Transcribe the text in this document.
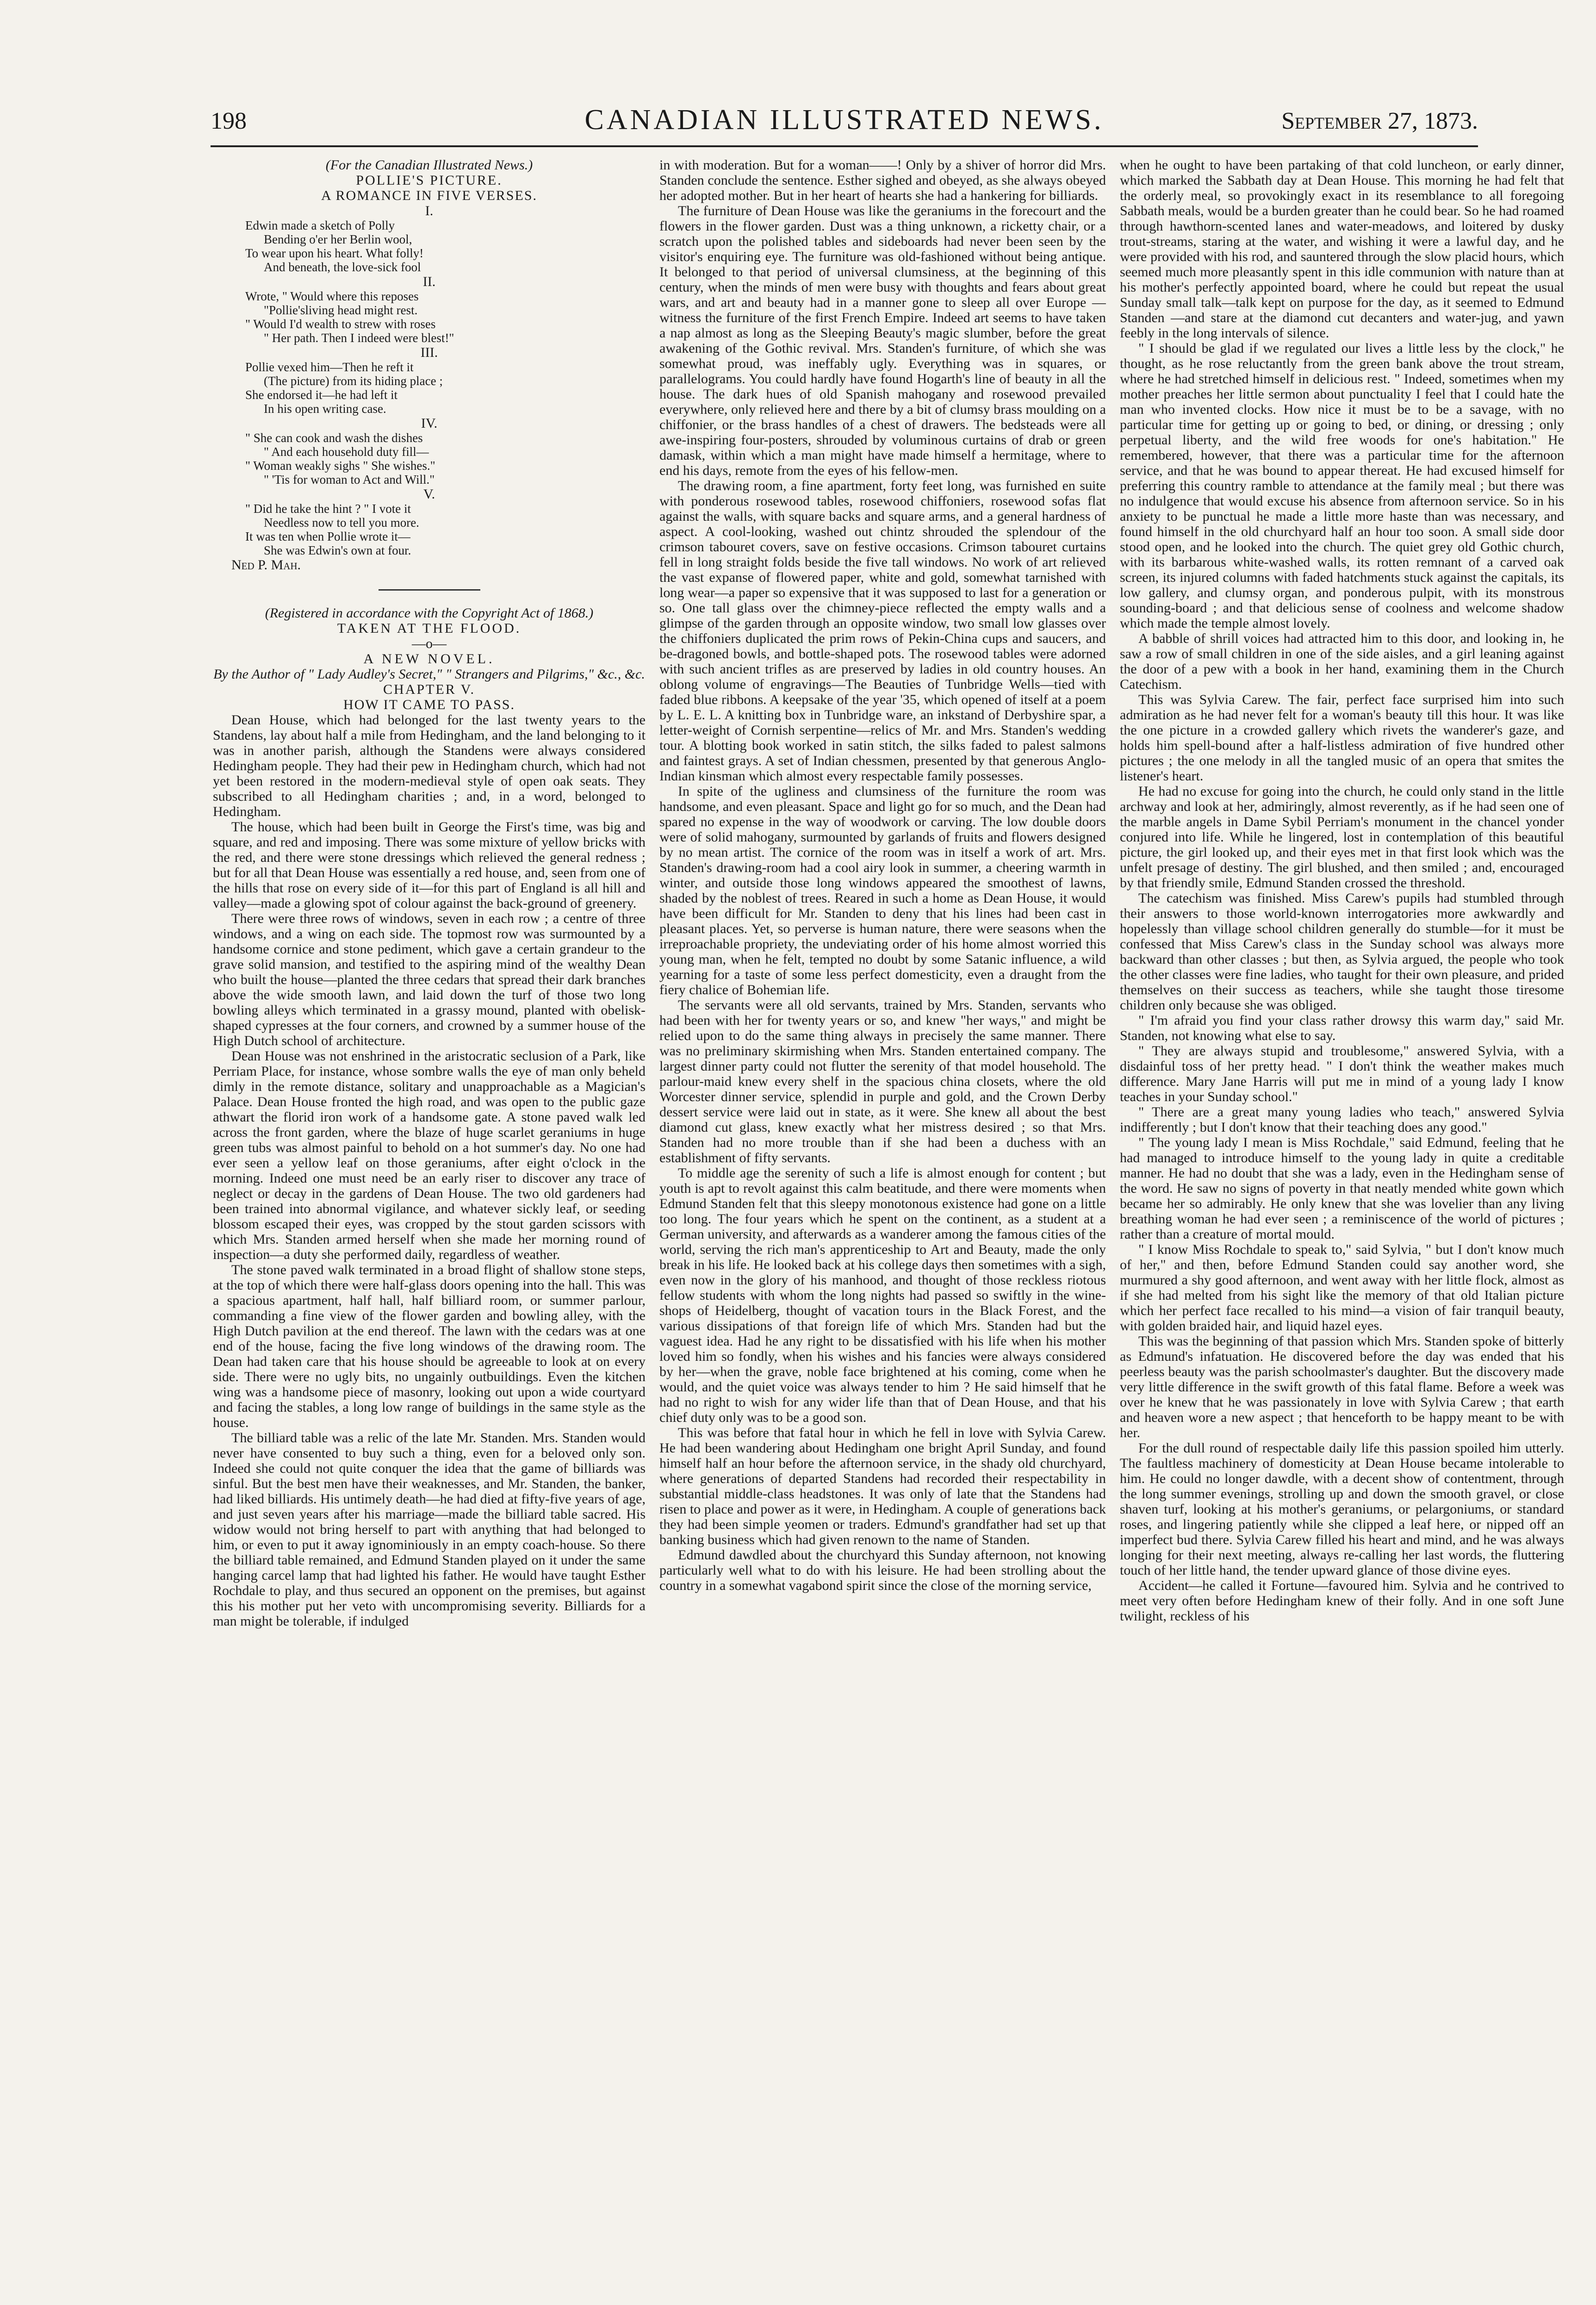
198	CANADIAN ILLUSTRATED NEWS.	September 27, 1873.

(For the Canadian Illustrated News.)

POLLIE'S PICTURE.

A ROMANCE IN FIVE VERSES.

I.

Edwin made a sketch of Polly
Bending o'er her Berlin wool,
To wear upon his heart. What folly!
And beneath, the love-sick fool

II.

Wrote, " Would where this reposes
"Pollie'sliving head might rest.
" Would I'd wealth to strew with roses
" Her path. Then I indeed were blest!"

III.

Pollie vexed him—Then he reft it
(The picture) from its hiding place ;
She endorsed it—he had left it
In his open writing case.

IV.

" She can cook and wash the dishes
" And each household duty fill—
" Woman weakly sighs " She wishes."
" 'Tis for woman to Act and Will."

V.

" Did he take the hint ? " I vote it
Needless now to tell you more.
It was ten when Pollie wrote it—
She was Edwin's own at four.

Ned P. Mah.

(Registered in accordance with the Copyright Act of 1868.)

TAKEN AT THE FLOOD.

—o—

A NEW NOVEL.

By the Author of " Lady Audley's Secret," " Strangers and Pilgrims," &c., &c.

CHAPTER V.

HOW IT CAME TO PASS.

Dean House, which had belonged for the last twenty years to the Standens, lay about half a mile from Hedingham, and the land belonging to it was in another parish, although the Standens were always considered Hedingham people. They had their pew in Hedingham church, which had not yet been restored in the modern-medieval style of open oak seats. They subscribed to all Hedingham charities ; and, in a word, belonged to Hedingham.

The house, which had been built in George the First's time, was big and square, and red and imposing. There was some mixture of yellow bricks with the red, and there were stone dressings which relieved the general redness ; but for all that Dean House was essentially a red house, and, seen from one of the hills that rose on every side of it—for this part of England is all hill and valley—made a glowing spot of colour against the back-ground of greenery.

There were three rows of windows, seven in each row ; a centre of three windows, and a wing on each side. The topmost row was surmounted by a handsome cornice and stone pediment, which gave a certain grandeur to the grave solid mansion, and testified to the aspiring mind of the wealthy Dean who built the house—planted the three cedars that spread their dark branches above the wide smooth lawn, and laid down the turf of those two long bowling alleys which terminated in a grassy mound, planted with obelisk-shaped cypresses at the four corners, and crowned by a summer house of the High Dutch school of architecture.

Dean House was not enshrined in the aristocratic seclusion of a Park, like Perriam Place, for instance, whose sombre walls the eye of man only beheld dimly in the remote distance, solitary and unapproachable as a Magician's Palace. Dean House fronted the high road, and was open to the public gaze athwart the florid iron work of a handsome gate. A stone paved walk led across the front garden, where the blaze of huge scarlet geraniums in huge green tubs was almost painful to behold on a hot summer's day. No one had ever seen a yellow leaf on those geraniums, after eight o'clock in the morning. Indeed one must need be an early riser to discover any trace of neglect or decay in the gardens of Dean House. The two old gardeners had been trained into abnormal vigilance, and whatever sickly leaf, or seeding blossom escaped their eyes, was cropped by the stout garden scissors with which Mrs. Standen armed herself when she made her morning round of inspection—a duty she performed daily, regardless of weather.

The stone paved walk terminated in a broad flight of shallow stone steps, at the top of which there were half-glass doors opening into the hall. This was a spacious apartment, half hall, half billiard room, or summer parlour, commanding a fine view of the flower garden and bowling alley, with the High Dutch pavilion at the end thereof. The lawn with the cedars was at one end of the house, facing the five long windows of the drawing room. The Dean had taken care that his house should be agreeable to look at on every side. There were no ugly bits, no ungainly outbuildings. Even the kitchen wing was a handsome piece of masonry, looking out upon a wide courtyard and facing the stables, a long low range of buildings in the same style as the house.

The billiard table was a relic of the late Mr. Standen. Mrs. Standen would never have consented to buy such a thing, even for a beloved only son. Indeed she could not quite conquer the idea that the game of billiards was sinful. But the best men have their weaknesses, and Mr. Standen, the banker, had liked billiards. His untimely death—he had died at fifty-five years of age, and just seven years after his marriage—made the billiard table sacred. His widow would not bring herself to part with anything that had belonged to him, or even to put it away ignominiously in an empty coach-house. So there the billiard table remained, and Edmund Standen played on it under the same hanging carcel lamp that had lighted his father. He would have taught Esther Rochdale to play, and thus secured an opponent on the premises, but against this his mother put her veto with uncompromising severity. Billiards for a man might be tolerable, if indulged

in with moderation. But for a woman——! Only by a shiver of horror did Mrs. Standen conclude the sentence. Esther sighed and obeyed, as she always obeyed her adopted mother. But in her heart of hearts she had a hankering for billiards.

The furniture of Dean House was like the geraniums in the forecourt and the flowers in the flower garden. Dust was a thing unknown, a ricketty chair, or a scratch upon the polished tables and sideboards had never been seen by the visitor's enquiring eye. The furniture was old-fashioned without being antique. It belonged to that period of universal clumsiness, at the beginning of this century, when the minds of men were busy with thoughts and fears about great wars, and art and beauty had in a manner gone to sleep all over Europe —witness the furniture of the first French Empire. Indeed art seems to have taken a nap almost as long as the Sleeping Beauty's magic slumber, before the great awakening of the Gothic revival. Mrs. Standen's furniture, of which she was somewhat proud, was ineffably ugly. Everything was in squares, or parallelograms. You could hardly have found Hogarth's line of beauty in all the house. The dark hues of old Spanish mahogany and rosewood prevailed everywhere, only relieved here and there by a bit of clumsy brass moulding on a chiffonier, or the brass handles of a chest of drawers. The bedsteads were all awe-inspiring four-posters, shrouded by voluminous curtains of drab or green damask, within which a man might have made himself a hermitage, where to end his days, remote from the eyes of his fellow-men.

The drawing room, a fine apartment, forty feet long, was furnished en suite with ponderous rosewood tables, rosewood chiffoniers, rosewood sofas flat against the walls, with square backs and square arms, and a general hardness of aspect. A cool-looking, washed out chintz shrouded the splendour of the crimson tabouret covers, save on festive occasions. Crimson tabouret curtains fell in long straight folds beside the five tall windows. No work of art relieved the vast expanse of flowered paper, white and gold, somewhat tarnished with long wear—a paper so expensive that it was supposed to last for a generation or so. One tall glass over the chimney-piece reflected the empty walls and a glimpse of the garden through an opposite window, two small low glasses over the chiffoniers duplicated the prim rows of Pekin-China cups and saucers, and be-dragoned bowls, and bottle-shaped pots. The rosewood tables were adorned with such ancient trifles as are preserved by ladies in old country houses. An oblong volume of engravings—The Beauties of Tunbridge Wells—tied with faded blue ribbons. A keepsake of the year '35, which opened of itself at a poem by L. E. L. A knitting box in Tunbridge ware, an inkstand of Derbyshire spar, a letter-weight of Cornish serpentine—relics of Mr. and Mrs. Standen's wedding tour. A blotting book worked in satin stitch, the silks faded to palest salmons and faintest grays. A set of Indian chessmen, presented by that generous Anglo-Indian kinsman which almost every respectable family possesses.

In spite of the ugliness and clumsiness of the furniture the room was handsome, and even pleasant. Space and light go for so much, and the Dean had spared no expense in the way of woodwork or carving. The low double doors were of solid mahogany, surmounted by garlands of fruits and flowers designed by no mean artist. The cornice of the room was in itself a work of art. Mrs. Standen's drawing-room had a cool airy look in summer, a cheering warmth in winter, and outside those long windows appeared the smoothest of lawns, shaded by the noblest of trees. Reared in such a home as Dean House, it would have been difficult for Mr. Standen to deny that his lines had been cast in pleasant places. Yet, so perverse is human nature, there were seasons when the irreproachable propriety, the undeviating order of his home almost worried this young man, when he felt, tempted no doubt by some Satanic influence, a wild yearning for a taste of some less perfect domesticity, even a draught from the fiery chalice of Bohemian life.

The servants were all old servants, trained by Mrs. Standen, servants who had been with her for twenty years or so, and knew "her ways," and might be relied upon to do the same thing always in precisely the same manner. There was no preliminary skirmishing when Mrs. Standen entertained company. The largest dinner party could not flutter the serenity of that model household. The parlour-maid knew every shelf in the spacious china closets, where the old Worcester dinner service, splendid in purple and gold, and the Crown Derby dessert service were laid out in state, as it were. She knew all about the best diamond cut glass, knew exactly what her mistress desired ; so that Mrs. Standen had no more trouble than if she had been a duchess with an establishment of fifty servants.

To middle age the serenity of such a life is almost enough for content ; but youth is apt to revolt against this calm beatitude, and there were moments when Edmund Standen felt that this sleepy monotonous existence had gone on a little too long. The four years which he spent on the continent, as a student at a German university, and afterwards as a wanderer among the famous cities of the world, serving the rich man's apprenticeship to Art and Beauty, made the only break in his life. He looked back at his college days then sometimes with a sigh, even now in the glory of his manhood, and thought of those reckless riotous fellow students with whom the long nights had passed so swiftly in the wine-shops of Heidelberg, thought of vacation tours in the Black Forest, and the various dissipations of that foreign life of which Mrs. Standen had but the vaguest idea. Had he any right to be dissatisfied with his life when his mother loved him so fondly, when his wishes and his fancies were always considered by her—when the grave, noble face brightened at his coming, come when he would, and the quiet voice was always tender to him ? He said himself that he had no right to wish for any wider life than that of Dean House, and that his chief duty only was to be a good son.

This was before that fatal hour in which he fell in love with Sylvia Carew. He had been wandering about Hedingham one bright April Sunday, and found himself half an hour before the afternoon service, in the shady old churchyard, where generations of departed Standens had recorded their respectability in substantial middle-class headstones. It was only of late that the Standens had risen to place and power as it were, in Hedingham. A couple of generations back they had been simple yeomen or traders. Edmund's grandfather had set up that banking business which had given renown to the name of Standen.

Edmund dawdled about the churchyard this Sunday afternoon, not knowing particularly well what to do with his leisure. He had been strolling about the country in a somewhat vagabond spirit since the close of the morning service,

when he ought to have been partaking of that cold luncheon, or early dinner, which marked the Sabbath day at Dean House. This morning he had felt that the orderly meal, so provokingly exact in its resemblance to all foregoing Sabbath meals, would be a burden greater than he could bear. So he had roamed through hawthorn-scented lanes and water-meadows, and loitered by dusky trout-streams, staring at the water, and wishing it were a lawful day, and he were provided with his rod, and sauntered through the slow placid hours, which seemed much more pleasantly spent in this idle communion with nature than at his mother's perfectly appointed board, where he could but repeat the usual Sunday small talk—talk kept on purpose for the day, as it seemed to Edmund Standen —and stare at the diamond cut decanters and water-jug, and yawn feebly in the long intervals of silence.

" I should be glad if we regulated our lives a little less by the clock," he thought, as he rose reluctantly from the green bank above the trout stream, where he had stretched himself in delicious rest. " Indeed, sometimes when my mother preaches her little sermon about punctuality I feel that I could hate the man who invented clocks. How nice it must be to be a savage, with no particular time for getting up or going to bed, or dining, or dressing ; only perpetual liberty, and the wild free woods for one's habitation." He remembered, however, that there was a particular time for the afternoon service, and that he was bound to appear thereat. He had excused himself for preferring this country ramble to attendance at the family meal ; but there was no indulgence that would excuse his absence from afternoon service. So in his anxiety to be punctual he made a little more haste than was necessary, and found himself in the old churchyard half an hour too soon. A small side door stood open, and he looked into the church. The quiet grey old Gothic church, with its barbarous white-washed walls, its rotten remnant of a carved oak screen, its injured columns with faded hatchments stuck against the capitals, its low gallery, and clumsy organ, and ponderous pulpit, with its monstrous sounding-board ; and that delicious sense of coolness and welcome shadow which made the temple almost lovely.

A babble of shrill voices had attracted him to this door, and looking in, he saw a row of small children in one of the side aisles, and a girl leaning against the door of a pew with a book in her hand, examining them in the Church Catechism.

This was Sylvia Carew. The fair, perfect face surprised him into such admiration as he had never felt for a woman's beauty till this hour. It was like the one picture in a crowded gallery which rivets the wanderer's gaze, and holds him spell-bound after a half-listless admiration of five hundred other pictures ; the one melody in all the tangled music of an opera that smites the listener's heart.

He had no excuse for going into the church, he could only stand in the little archway and look at her, admiringly, almost reverently, as if he had seen one of the marble angels in Dame Sybil Perriam's monument in the chancel yonder conjured into life. While he lingered, lost in contemplation of this beautiful picture, the girl looked up, and their eyes met in that first look which was the unfelt presage of destiny. The girl blushed, and then smiled ; and, encouraged by that friendly smile, Edmund Standen crossed the threshold.

The catechism was finished. Miss Carew's pupils had stumbled through their answers to those world-known interrogatories more awkwardly and hopelessly than village school children generally do stumble—for it must be confessed that Miss Carew's class in the Sunday school was always more backward than other classes ; but then, as Sylvia argued, the people who took the other classes were fine ladies, who taught for their own pleasure, and prided themselves on their success as teachers, while she taught those tiresome children only because she was obliged.

" I'm afraid you find your class rather drowsy this warm day," said Mr. Standen, not knowing what else to say.

" They are always stupid and troublesome," answered Sylvia, with a disdainful toss of her pretty head. " I don't think the weather makes much difference. Mary Jane Harris will put me in mind of a young lady I know teaches in your Sunday school."

" There are a great many young ladies who teach," answered Sylvia indifferently ; but I don't know that their teaching does any good."

" The young lady I mean is Miss Rochdale," said Edmund, feeling that he had managed to introduce himself to the young lady in quite a creditable manner. He had no doubt that she was a lady, even in the Hedingham sense of the word. He saw no signs of poverty in that neatly mended white gown which became her so admirably. He only knew that she was lovelier than any living breathing woman he had ever seen ; a reminiscence of the world of pictures ; rather than a creature of mortal mould.

" I know Miss Rochdale to speak to," said Sylvia, " but I don't know much of her," and then, before Edmund Standen could say another word, she murmured a shy good afternoon, and went away with her little flock, almost as if she had melted from his sight like the memory of that old Italian picture which her perfect face recalled to his mind—a vision of fair tranquil beauty, with golden braided hair, and liquid hazel eyes.

This was the beginning of that passion which Mrs. Standen spoke of bitterly as Edmund's infatuation. He discovered before the day was ended that his peerless beauty was the parish schoolmaster's daughter. But the discovery made very little difference in the swift growth of this fatal flame. Before a week was over he knew that he was passionately in love with Sylvia Carew ; that earth and heaven wore a new aspect ; that henceforth to be happy meant to be with her.

For the dull round of respectable daily life this passion spoiled him utterly. The faultless machinery of domesticity at Dean House became intolerable to him. He could no longer dawdle, with a decent show of contentment, through the long summer evenings, strolling up and down the smooth gravel, or close shaven turf, looking at his mother's geraniums, or pelargoniums, or standard roses, and lingering patiently while she clipped a leaf here, or nipped off an imperfect bud there. Sylvia Carew filled his heart and mind, and he was always longing for their next meeting, always re-calling her last words, the fluttering touch of her little hand, the tender upward glance of those divine eyes.

Accident—he called it Fortune—favoured him. Sylvia and he contrived to meet very often before Hedingham knew of their folly. And in one soft June twilight, reckless of his
